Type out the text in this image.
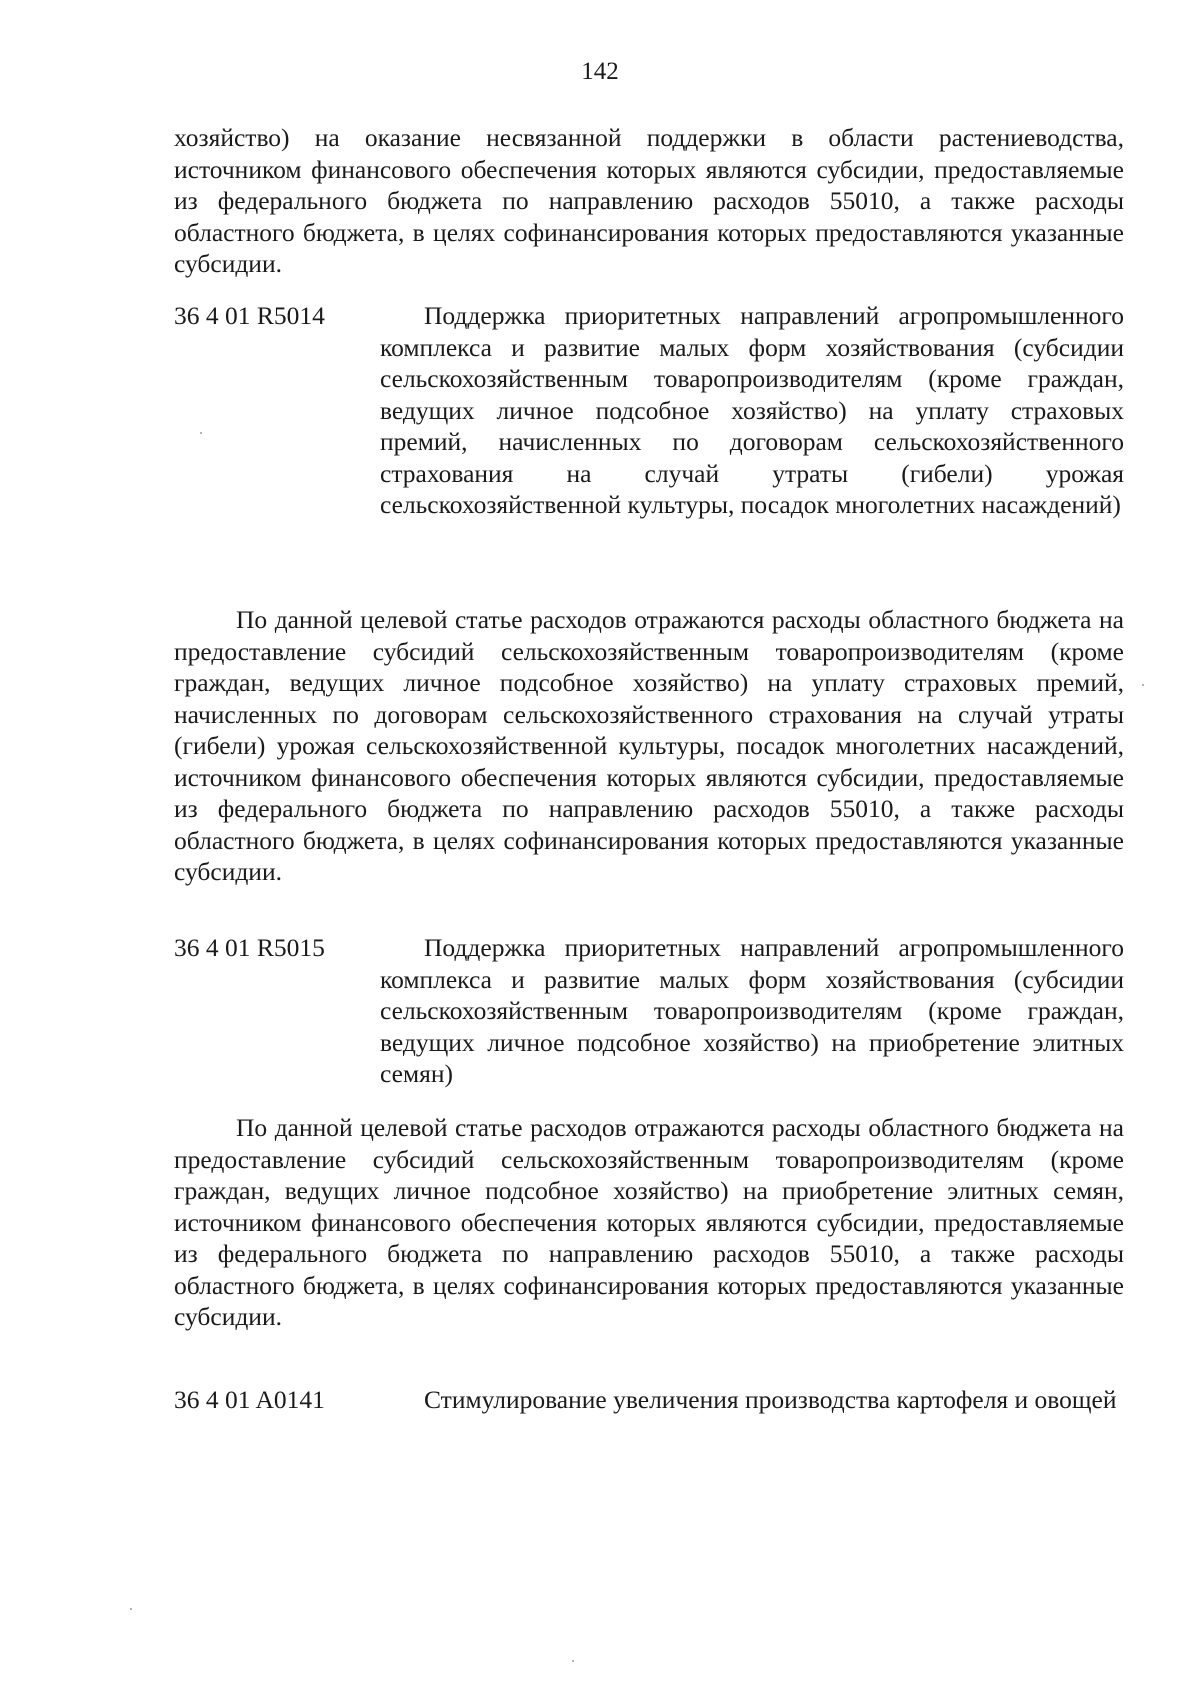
142
хозяйство) на оказание несвязанной поддержки в области растениеводства, источником финансового обеспечения которых являются субсидии, предоставляемые из федерального бюджета по направлению расходов 55010, а также расходы областного бюджета, в целях софинансирования которых предоставляются указанные субсидии.
36 4 01 R5014	Поддержка приоритетных направлений агропромышленного комплекса и развитие малых форм хозяйствования (субсидии сельскохозяйственным товаропроизводителям (кроме граждан, ведущих личное подсобное хозяйство) на уплату страховых премий, начисленных по договорам сельскохозяйственного страхования на случай утраты (гибели) урожая сельскохозяйственной культуры, посадок многолетних насаждений)
По данной целевой статье расходов отражаются расходы областного бюджета на предоставление субсидий сельскохозяйственным товаропроизводителям (кроме граждан, ведущих личное подсобное хозяйство) на уплату страховых премий, начисленных по договорам сельскохозяйственного страхования на случай утраты (гибели) урожая сельскохозяйственной культуры, посадок многолетних насаждений, источником финансового обеспечения которых являются субсидии, предоставляемые из федерального бюджета по направлению расходов 55010, а также расходы областного бюджета, в целях софинансирования которых предоставляются указанные субсидии.
36 4 01 R5015	Поддержка приоритетных направлений агропромышленного комплекса и развитие малых форм хозяйствования (субсидии сельскохозяйственным товаропроизводителям (кроме граждан, ведущих личное подсобное хозяйство) на приобретение элитных семян)
По данной целевой статье расходов отражаются расходы областного бюджета на предоставление субсидий сельскохозяйственным товаропроизводителям (кроме граждан, ведущих личное подсобное хозяйство) на приобретение элитных семян, источником финансового обеспечения которых являются субсидии, предоставляемые из федерального бюджета по направлению расходов 55010, а также расходы областного бюджета, в целях софинансирования которых предоставляются указанные субсидии.
36 4 01 A0141	Стимулирование увеличения производства картофеля и овощей
